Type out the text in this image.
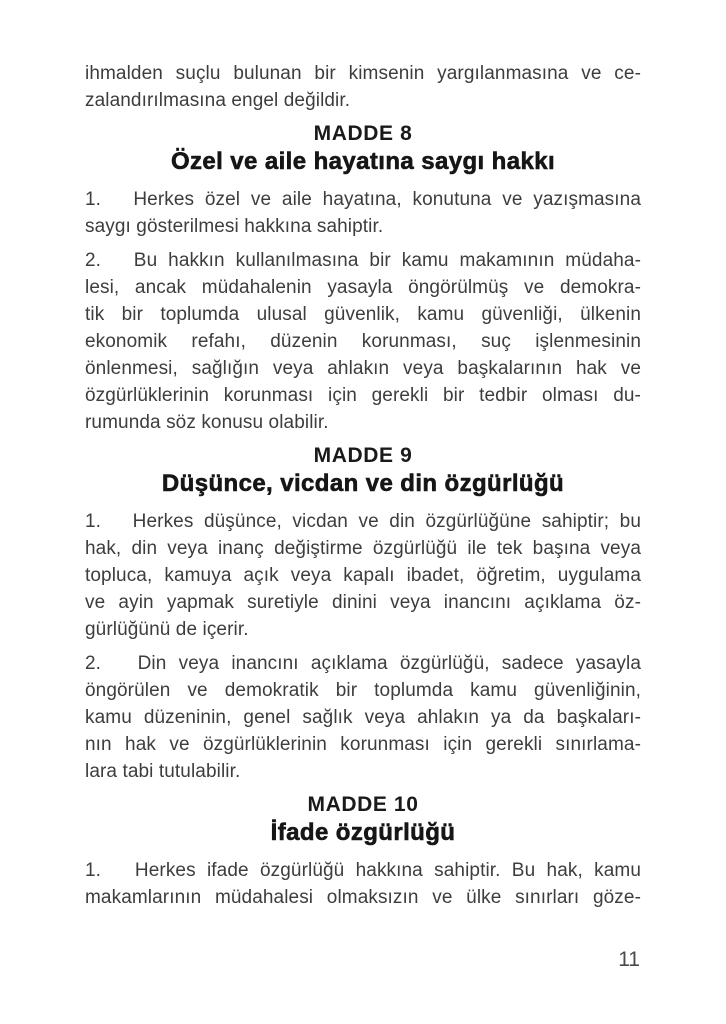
ihmalden suçlu bulunan bir kimsenin yargılanmasına ve ce-
zalandırılmasına engel değildir.
MADDE 8
Özel ve aile hayatına saygı hakkı
1.   Herkes özel ve aile hayatına, konutuna ve yazışmasına
saygı gösterilmesi hakkına sahiptir.
2.   Bu hakkın kullanılmasına bir kamu makamının müdaha-
lesi, ancak müdahalenin yasayla öngörülmüş ve demokra-
tik bir toplumda ulusal güvenlik, kamu güvenliği, ülkenin
ekonomik refahı, düzenin korunması, suç işlenmesinin
önlenmesi, sağlığın veya ahlakın veya başkalarının hak ve
özgürlüklerinin korunması için gerekli bir tedbir olması du-
rumunda söz konusu olabilir.
MADDE 9
Düşünce, vicdan ve din özgürlüğü
1.   Herkes düşünce, vicdan ve din özgürlüğüne sahiptir; bu
hak, din veya inanç değiştirme özgürlüğü ile tek başına veya
topluca, kamuya açık veya kapalı ibadet, öğretim, uygulama
ve ayin yapmak suretiyle dinini veya inancını açıklama öz-
gürlüğünü de içerir.
2.   Din veya inancını açıklama özgürlüğü, sadece yasayla
öngörülen ve demokratik bir toplumda kamu güvenliğinin,
kamu düzeninin, genel sağlık veya ahlakın ya da başkaları-
nın hak ve özgürlüklerinin korunması için gerekli sınırlama-
lara tabi tutulabilir.
MADDE 10
İfade özgürlüğü
1.   Herkes ifade özgürlüğü hakkına sahiptir. Bu hak, kamu
makamlarının müdahalesi olmaksızın ve ülke sınırları göze-
11
